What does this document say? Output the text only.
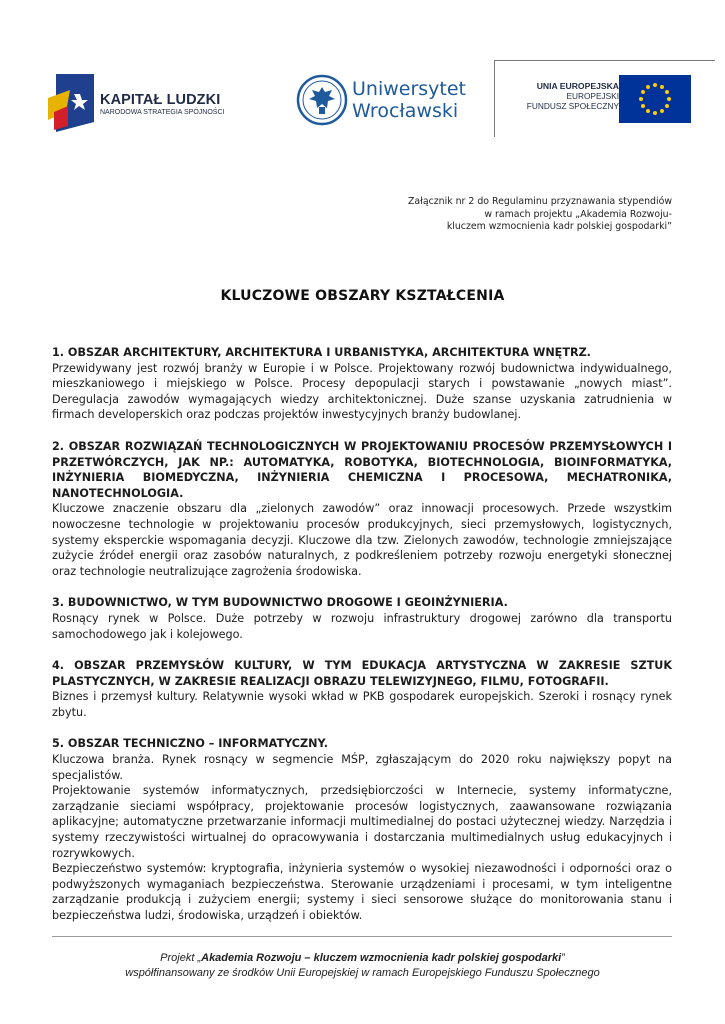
KAPITAŁ LUDZKI
NARODOWA STRATEGIA SPÓJNOŚCI
Uniwersytet
Wrocławski
UNIA EUROPEJSKA
EUROPEJSKI
FUNDUSZ SPOŁECZNY
Załącznik nr 2 do Regulaminu przyznawania stypendiów
w ramach projektu „Akademia Rozwoju-
kluczem wzmocnienia kadr polskiej gospodarki”
KLUCZOWE OBSZARY KSZTAŁCENIA

1. OBSZAR ARCHITEKTURY, ARCHITEKTURA I URBANISTYKA, ARCHITEKTURA WNĘTRZ.

Przewidywany jest rozwój branży w Europie i w Polsce. Projektowany rozwój budownictwa indywidualnego, mieszkaniowego i miejskiego w Polsce. Procesy depopulacji starych i powstawanie „nowych miast”. Deregulacja zawodów wymagających wiedzy architektonicznej. Duże szanse uzyskania zatrudnienia w firmach developerskich oraz podczas projektów inwestycyjnych branży budowlanej.

2. OBSZAR ROZWIĄZAŃ TECHNOLOGICZNYCH W PROJEKTOWANIU PROCESÓW PRZEMYSŁOWYCH I PRZETWÓRCZYCH, JAK NP.: AUTOMATYKA, ROBOTYKA, BIOTECHNOLOGIA, BIOINFORMATYKA, INŻYNIERIA BIOMEDYCZNA, INŻYNIERIA CHEMICZNA I PROCESOWA, MECHATRONIKA, NANOTECHNOLOGIA.

Kluczowe znaczenie obszaru dla „zielonych zawodów” oraz innowacji procesowych. Przede wszystkim nowoczesne technologie w projektowaniu procesów produkcyjnych, sieci przemysłowych, logistycznych, systemy eksperckie wspomagania decyzji. Kluczowe dla tzw. Zielonych zawodów, technologie zmniejszające zużycie źródeł energii oraz zasobów naturalnych, z podkreśleniem potrzeby rozwoju energetyki słonecznej oraz technologie neutralizujące zagrożenia środowiska.

3. BUDOWNICTWO, W TYM BUDOWNICTWO DROGOWE I GEOINŻYNIERIA.

Rosnący rynek w Polsce. Duże potrzeby w rozwoju infrastruktury drogowej zarówno dla transportu samochodowego jak i kolejowego.

4. OBSZAR PRZEMYSŁÓW KULTURY, W TYM EDUKACJA ARTYSTYCZNA W ZAKRESIE SZTUK PLASTYCZNYCH, W ZAKRESIE REALIZACJI OBRAZU TELEWIZYJNEGO, FILMU, FOTOGRAFII.

Biznes i przemysł kultury. Relatywnie wysoki wkład w PKB gospodarek europejskich. Szeroki i rosnący rynek zbytu.

5. OBSZAR TECHNICZNO – INFORMATYCZNY.

Kluczowa branża. Rynek rosnący w segmencie MŚP, zgłaszającym do 2020 roku największy popyt na specjalistów.

Projektowanie systemów informatycznych, przedsiębiorczości w Internecie, systemy informatyczne, zarządzanie sieciami współpracy, projektowanie procesów logistycznych, zaawansowane rozwiązania aplikacyjne; automatyczne przetwarzanie informacji multimedialnej do postaci użytecznej wiedzy. Narzędzia i systemy rzeczywistości wirtualnej do opracowywania i dostarczania multimedialnych usług edukacyjnych i rozrywkowych.

Bezpieczeństwo systemów: kryptografia, inżynieria systemów o wysokiej niezawodności i odporności oraz o podwyższonych wymaganiach bezpieczeństwa. Sterowanie urządzeniami i procesami, w tym inteligentne zarządzanie produkcją i zużyciem energii; systemy i sieci sensorowe służące do monitorowania stanu i bezpieczeństwa ludzi, środowiska, urządzeń i obiektów.

Projekt „Akademia Rozwoju – kluczem wzmocnienia kadr polskiej gospodarki”
współfinansowany ze środków Unii Europejskiej w ramach Europejskiego Funduszu Społecznego
